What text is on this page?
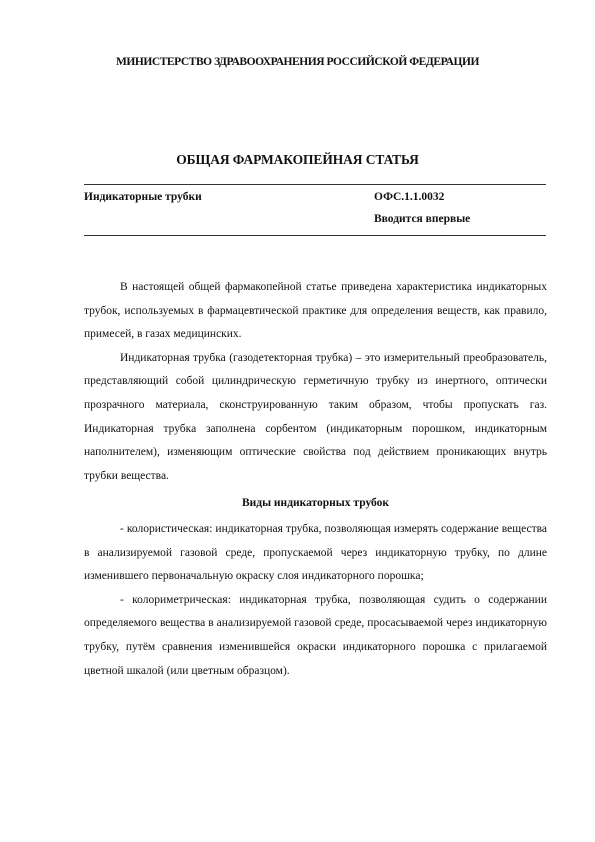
МИНИСТЕРСТВО ЗДРАВООХРАНЕНИЯ РОССИЙСКОЙ ФЕДЕРАЦИИ
ОБЩАЯ ФАРМАКОПЕЙНАЯ СТАТЬЯ
Индикаторные трубки	ОФС.1.1.0032
Вводится впервые

В настоящей общей фармакопейной статье приведена характеристика индикаторных трубок, используемых в фармацевтической практике для определения веществ, как правило, примесей, в газах медицинских.

Индикаторная трубка (газодетекторная трубка) – это измерительный преобразователь, представляющий собой цилиндрическую герметичную трубку из инертного, оптически прозрачного материала, сконструированную таким образом, чтобы пропускать газ. Индикаторная трубка заполнена сорбентом (индикаторным порошком, индикаторным наполнителем), изменяющим оптические свойства под действием проникающих внутрь трубки вещества.

Виды индикаторных трубок

- колористическая: индикаторная трубка, позволяющая измерять содержание вещества в анализируемой газовой среде, пропускаемой через индикаторную трубку, по длине изменившего первоначальную окраску слоя индикаторного порошка;

- колориметрическая: индикаторная трубка, позволяющая судить о содержании определяемого вещества в анализируемой газовой среде, просасываемой через индикаторную трубку, путём сравнения изменившейся окраски индикаторного порошка с прилагаемой цветной шкалой (или цветным образцом).
